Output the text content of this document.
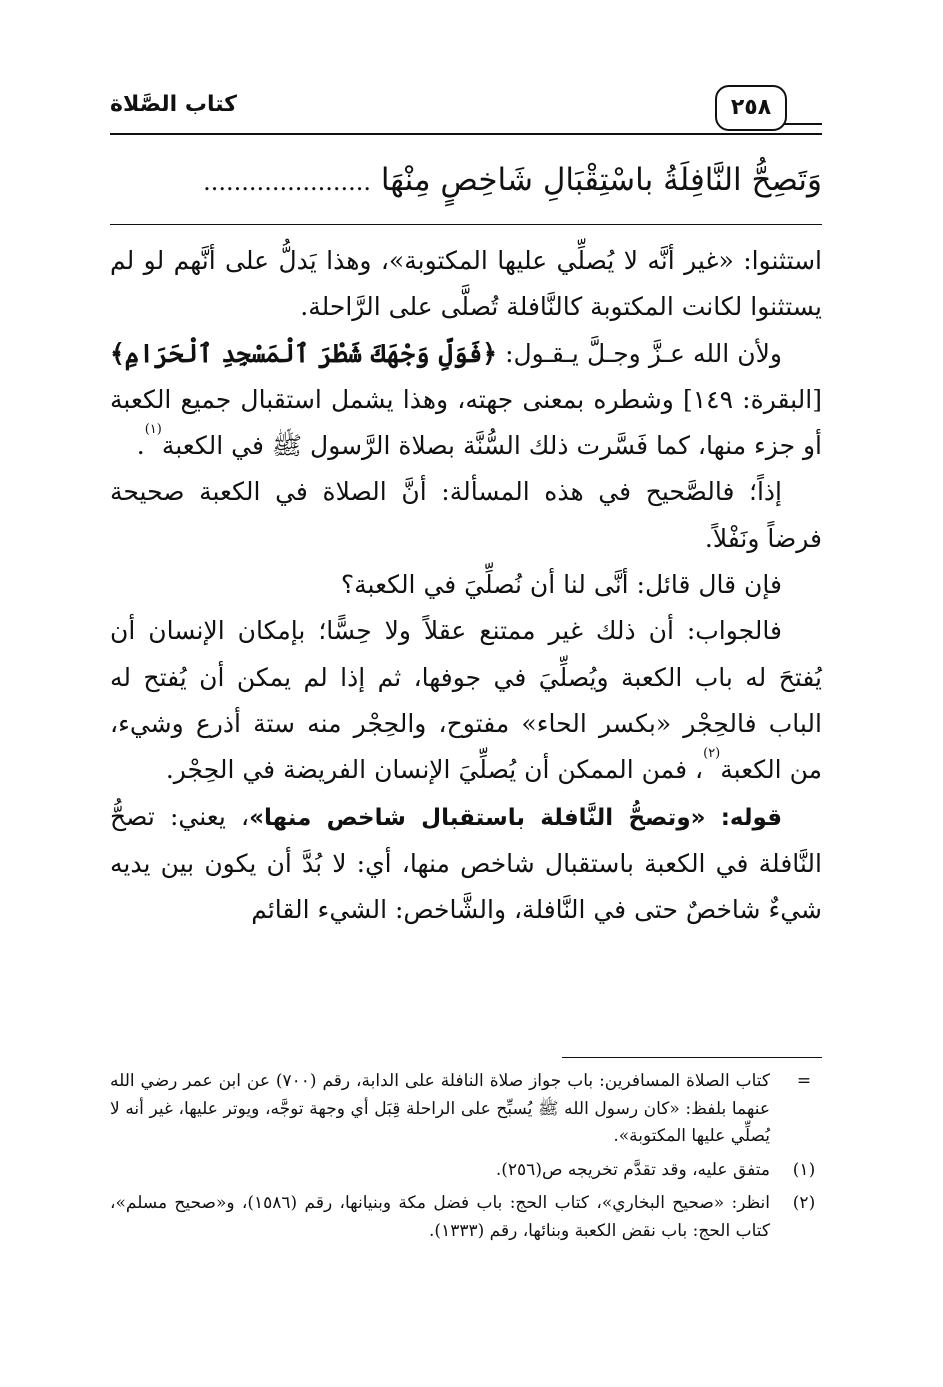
كتاب الصَّلاة	٢٥٨
وَتَصِحُّ النَّافِلَةُ باسْتِقْبَالِ شَاخِصٍ مِنْهَا ......................

استثنوا: «غير أنَّه لا يُصلِّي عليها المكتوبة»، وهذا يَدلُّ على أنَّهم لو لم يستثنوا لكانت المكتوبة كالنَّافلة تُصلَّى على الرَّاحلة.

ولأن الله عـزَّ وجـلَّ يـقـول: ﴿فَوَلِّ وَجْهَكَ شَطْرَ ٱلْمَسْجِدِ ٱلْحَرَامِ﴾ [البقرة: ١٤٩] وشطره بمعنى جهته، وهذا يشمل استقبال جميع الكعبة أو جزء منها، كما فَسَّرت ذلك السُّنَّة بصلاة الرَّسول ﷺ في الكعبة$^{(١)}$.

إذاً؛ فالصَّحيح في هذه المسألة: أنَّ الصلاة في الكعبة صحيحة فرضاً ونَفْلاً.

فإن قال قائل: أنَّى لنا أن نُصلِّيَ في الكعبة؟

فالجواب: أن ذلك غير ممتنع عقلاً ولا حِسًّا؛ بإمكان الإنسان أن يُفتحَ له باب الكعبة ويُصلِّيَ في جوفها، ثم إذا لم يمكن أن يُفتح له الباب فالحِجْر «بكسر الحاء» مفتوح، والحِجْر منه ستة أذرع وشيء، من الكعبة$^{(٢)}$، فمن الممكن أن يُصلِّيَ الإنسان الفريضة في الحِجْر.

قوله: «وتصحُّ النَّافلة باستقبال شاخص منها»، يعني: تصحُّ النَّافلة في الكعبة باستقبال شاخص منها، أي: لا بُدَّ أن يكون بين يديه شيءٌ شاخصٌ حتى في النَّافلة، والشَّاخص: الشيء القائم

=
كتاب الصلاة المسافرين: باب جواز صلاة النافلة على الدابة، رقم (٧٠٠) عن ابن عمر رضي الله عنهما بلفظ: «كان رسول الله ﷺ يُسبِّح على الراحلة قِبَل أي وجهة توجَّه، ويوتر عليها، غير أنه لا يُصلِّي عليها المكتوبة».
(١)
متفق عليه، وقد تقدَّم تخريجه ص(٢٥٦).
(٢)
انظر: «صحيح البخاري»، كتاب الحج: باب فضل مكة وبنيانها، رقم (١٥٨٦)، و«صحيح مسلم»، كتاب الحج: باب نقض الكعبة وبنائها، رقم (١٣٣٣).
